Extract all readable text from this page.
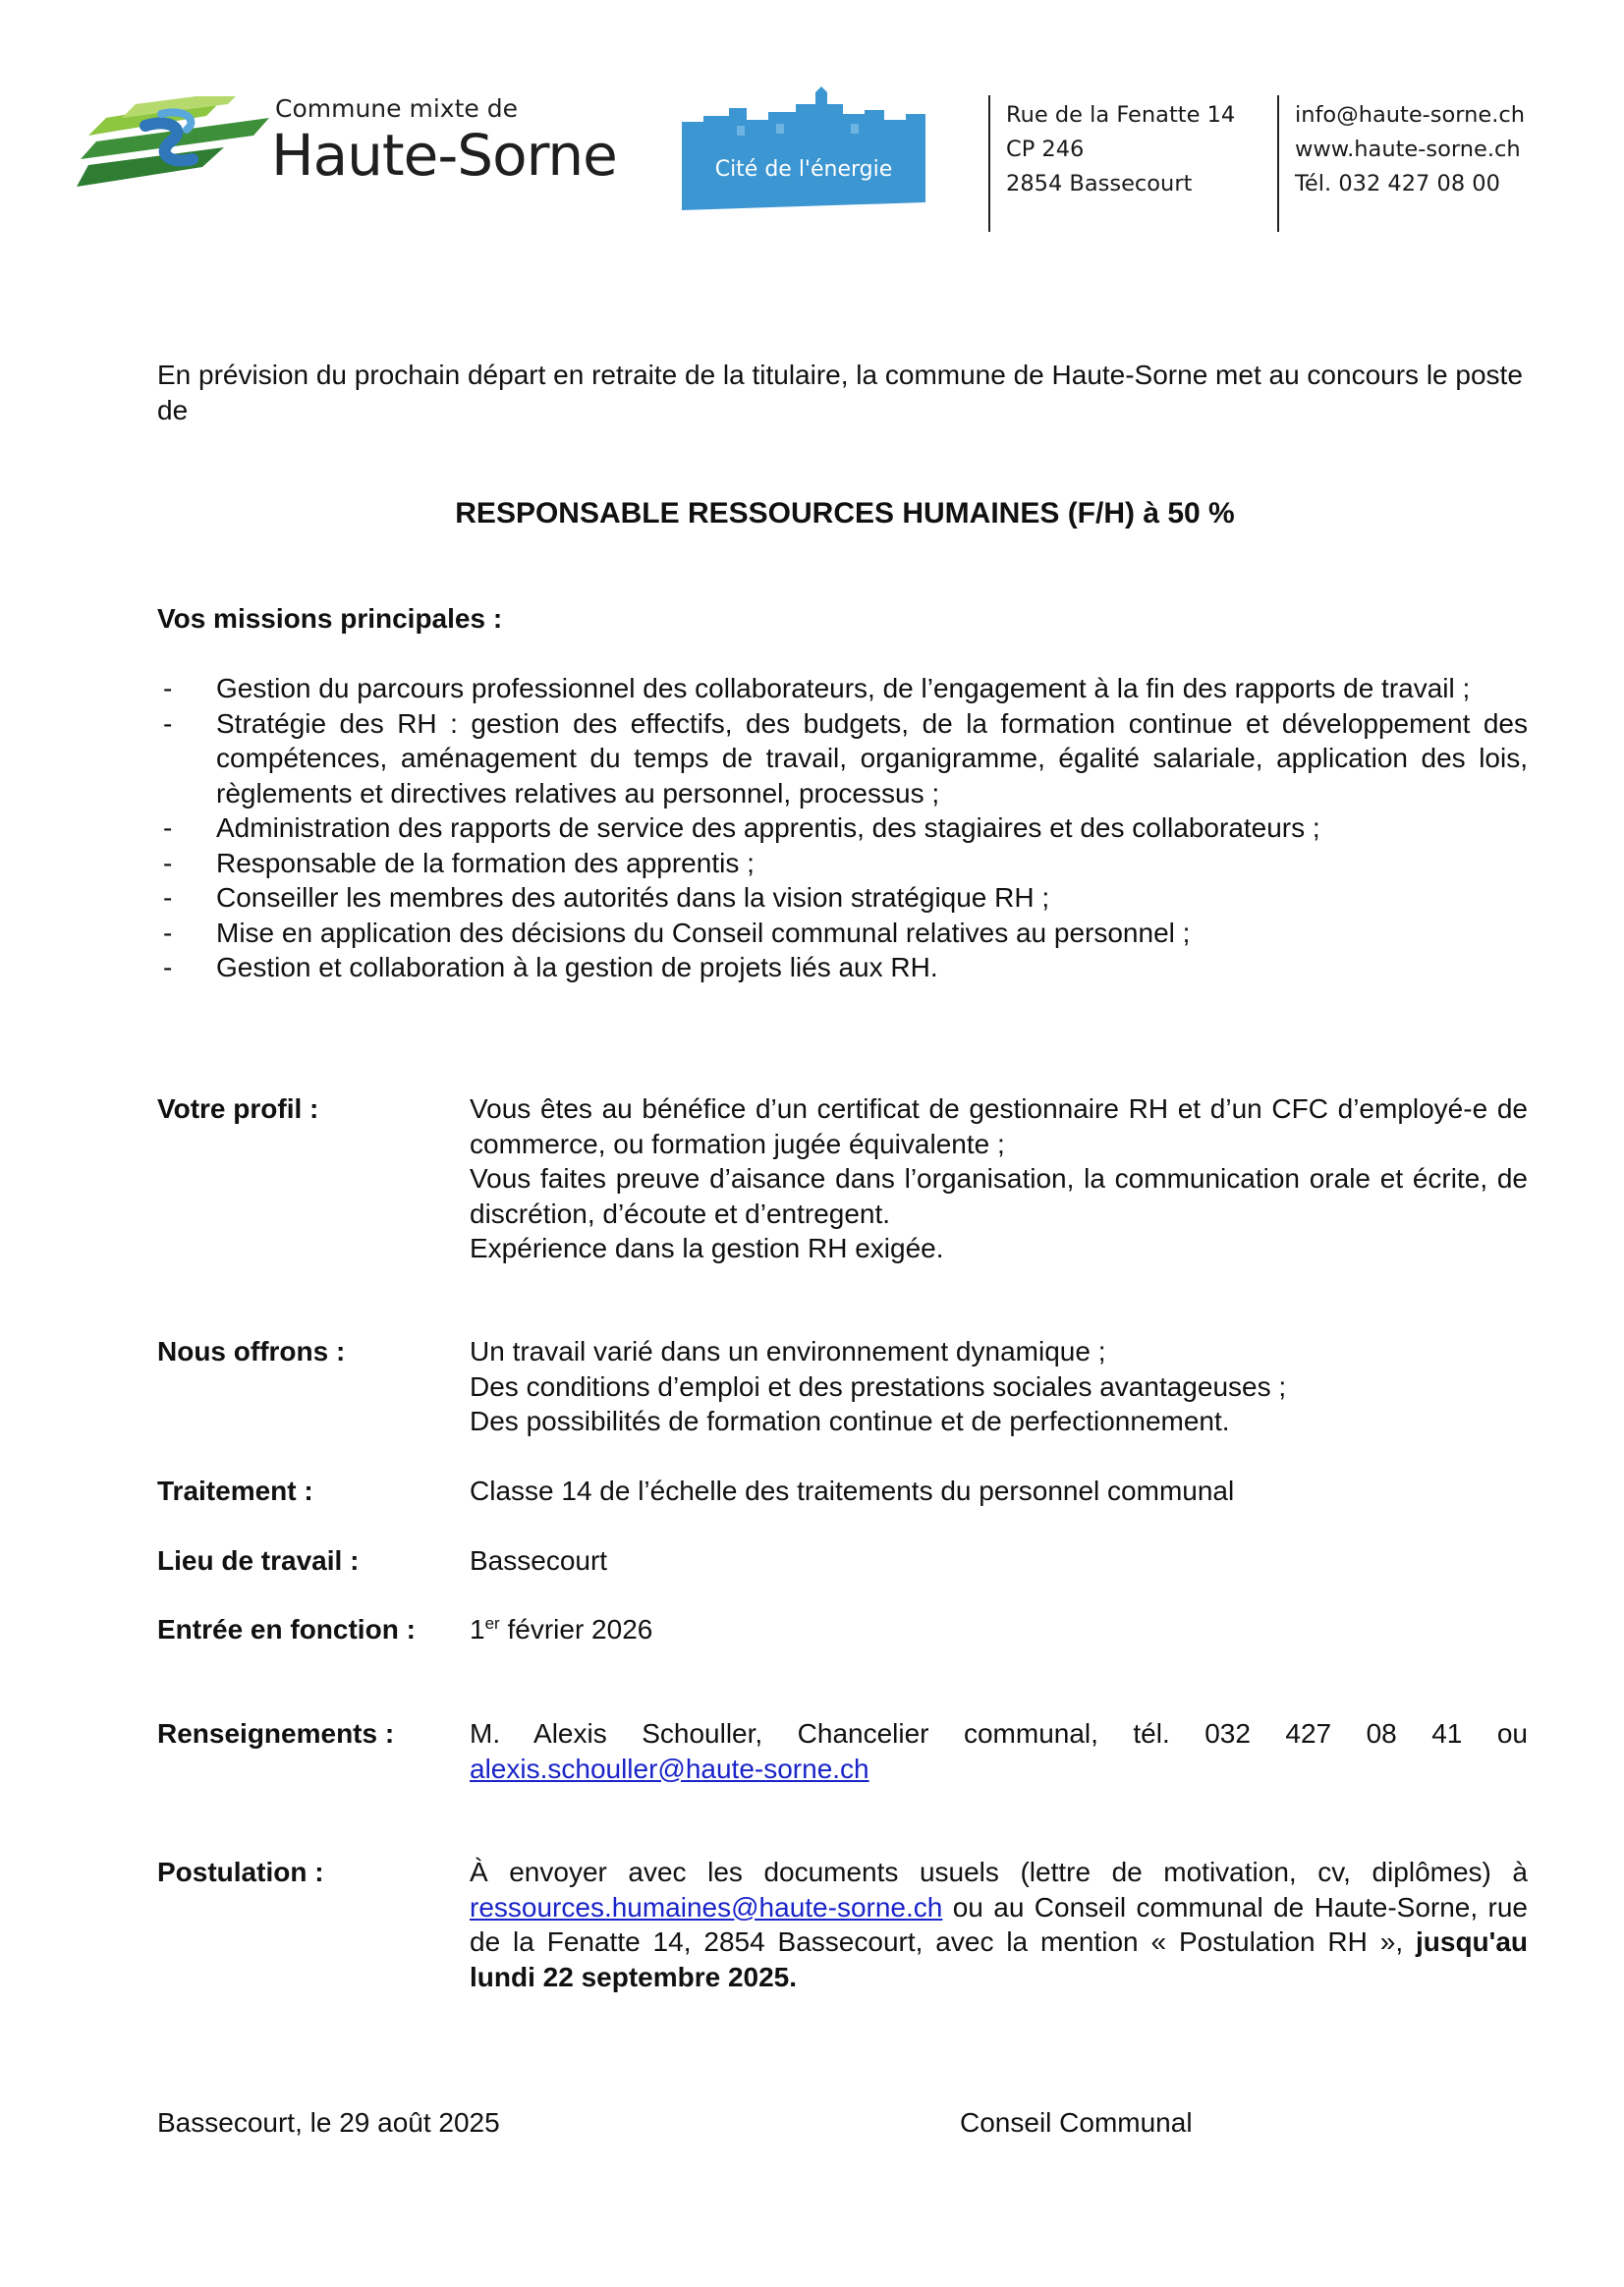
Commune mixte de
Haute-Sorne	Cité de l'énergie
Rue de la Fenatte 14
CP 246
2854 Bassecourt
info@haute-sorne.ch
www.haute-sorne.ch
Tél. 032 427 08 00
En prévision du prochain départ en retraite de la titulaire, la commune de Haute-Sorne met au concours le poste de
RESPONSABLE RESSOURCES HUMAINES (F/H) à 50 %
Vos missions principales :
- Gestion du parcours professionnel des collaborateurs, de l’engagement à la fin des rapports de travail ;
- Stratégie des RH : gestion des effectifs, des budgets, de la formation continue et développement des compétences, aménagement du temps de travail, organigramme, égalité salariale, application des lois, règlements et directives relatives au personnel, processus ;
- Administration des rapports de service des apprentis, des stagiaires et des collaborateurs ;
- Responsable de la formation des apprentis ;
- Conseiller les membres des autorités dans la vision stratégique RH ;
- Mise en application des décisions du Conseil communal relatives au personnel ;
- Gestion et collaboration à la gestion de projets liés aux RH.
Votre profil :	Vous êtes au bénéfice d’un certificat de gestionnaire RH et d’un CFC d’employé-e de commerce, ou formation jugée équivalente ;
Vous faites preuve d’aisance dans l’organisation, la communication orale et écrite, de discrétion, d’écoute et d’entregent.
Expérience dans la gestion RH exigée.
Nous offrons :	Un travail varié dans un environnement dynamique ;
Des conditions d’emploi et des prestations sociales avantageuses ;
Des possibilités de formation continue et de perfectionnement.
Traitement :	Classe 14 de l’échelle des traitements du personnel communal
Lieu de travail :	Bassecourt
Entrée en fonction : 1er février 2026
Renseignements :	M. Alexis Schouller, Chancelier communal, tél. 032 427 08 41 ou
alexis.schouller@haute-sorne.ch
Postulation :	À envoyer avec les documents usuels (lettre de motivation, cv, diplômes) à ressources.humaines@haute-sorne.ch ou au Conseil communal de Haute-Sorne, rue de la Fenatte 14, 2854 Bassecourt, avec la mention « Postulation RH », jusqu'au lundi 22 septembre 2025.
Bassecourt, le 29 août 2025	Conseil Communal
